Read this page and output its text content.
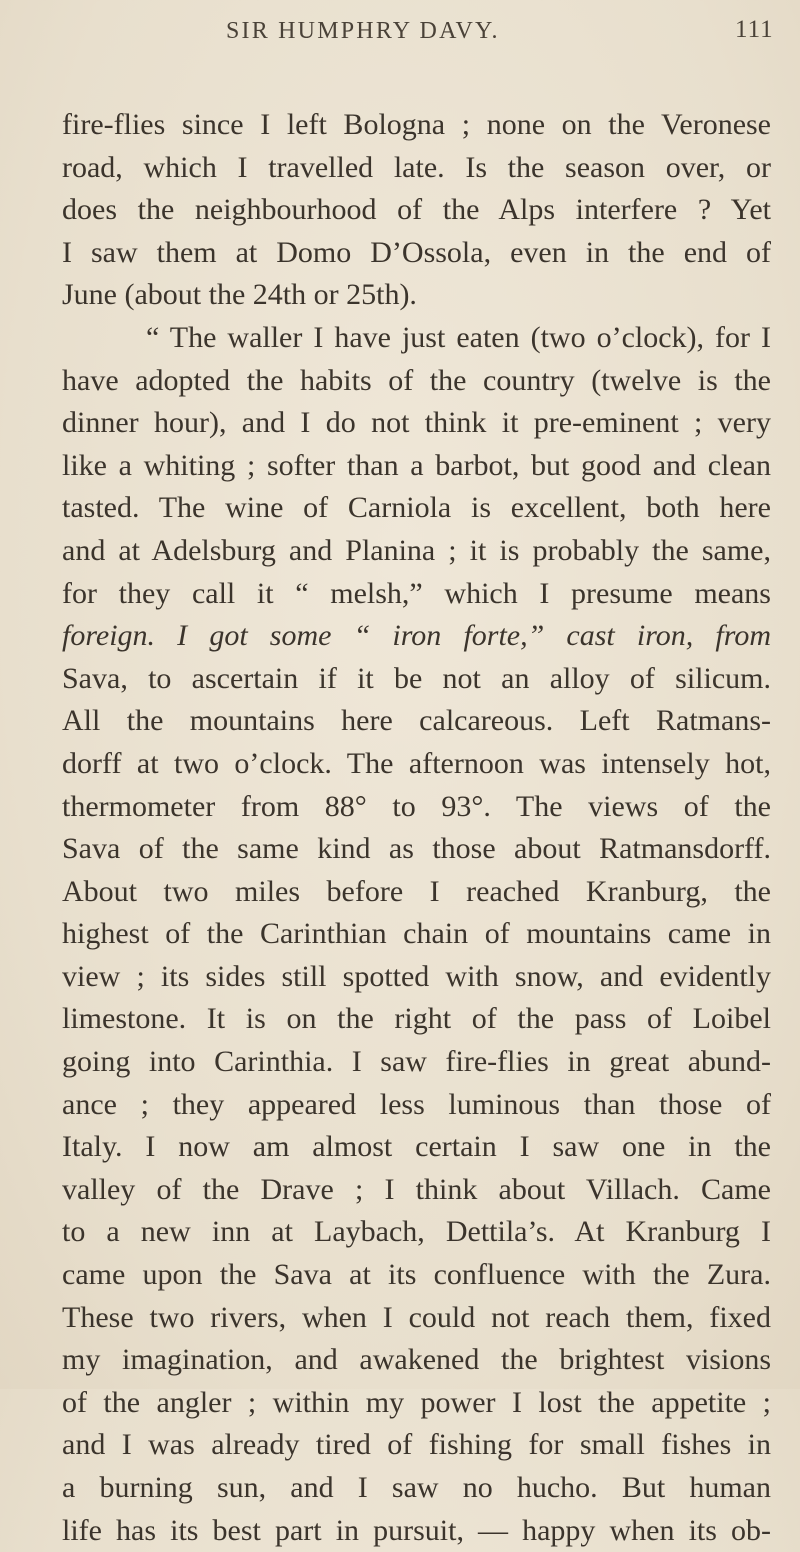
SIR HUMPHRY DAVY.	111
fire-flies since I left Bologna ; none on the Veronese
road, which I travelled late. Is the season over, or
does the neighbourhood of the Alps interfere ? Yet
I saw them at Domo D’Ossola, even in the end of
June (about the 24th or 25th).
“ The waller I have just eaten (two o’clock), for I
have adopted the habits of the country (twelve is the
dinner hour), and I do not think it pre-eminent ; very
like a whiting ; softer than a barbot, but good and clean
tasted. The wine of Carniola is excellent, both here
and at Adelsburg and Planina ; it is probably the same,
for they call it “ melsh,” which I presume means
foreign. I got some “ iron forte,” cast iron, from
Sava, to ascertain if it be not an alloy of silicum.
All the mountains here calcareous. Left Ratmans-
dorff at two o’clock. The afternoon was intensely hot,
thermometer from 88° to 93°. The views of the
Sava of the same kind as those about Ratmansdorff.
About two miles before I reached Kranburg, the
highest of the Carinthian chain of mountains came in
view ; its sides still spotted with snow, and evidently
limestone. It is on the right of the pass of Loibel
going into Carinthia. I saw fire-flies in great abund-
ance ; they appeared less luminous than those of
Italy. I now am almost certain I saw one in the
valley of the Drave ; I think about Villach. Came
to a new inn at Laybach, Dettila’s. At Kranburg I
came upon the Sava at its confluence with the Zura.
These two rivers, when I could not reach them, fixed
my imagination, and awakened the brightest visions
of the angler ; within my power I lost the appetite ;
and I was already tired of fishing for small fishes in
a burning sun, and I saw no hucho. But human
life has its best part in pursuit, — happy when its ob-
